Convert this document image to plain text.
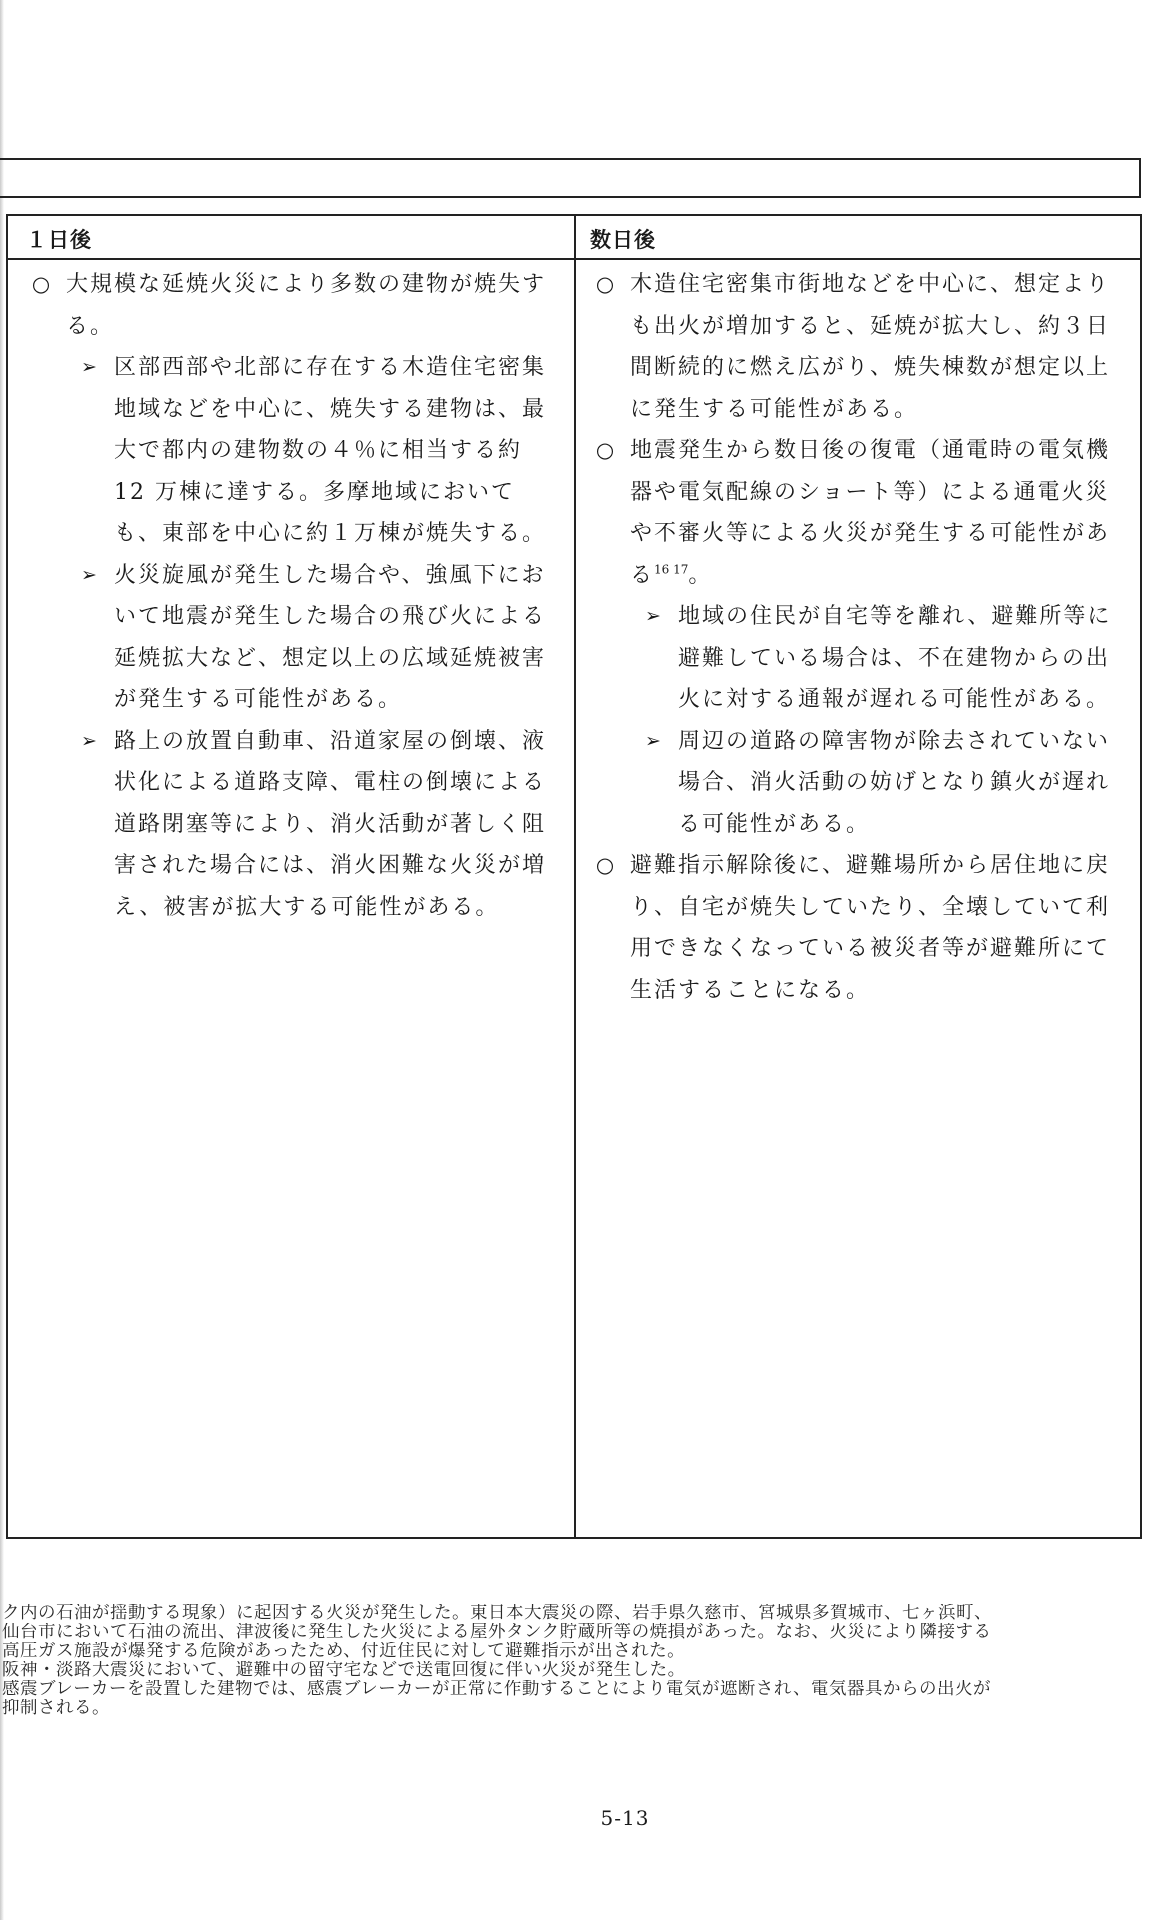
１日後	数日後
○ 大規模な延焼火災により多数の建物が焼失する。
➢ 区部西部や北部に存在する木造住宅密集地域などを中心に、焼失する建物は、最大で都内の建物数の４％に相当する約 12 万棟に達する。多摩地域においても、東部を中心に約１万棟が焼失する。
➢ 火災旋風が発生した場合や、強風下において地震が発生した場合の飛び火による延焼拡大など、想定以上の広域延焼被害が発生する可能性がある。
➢ 路上の放置自動車、沿道家屋の倒壊、液状化による道路支障、電柱の倒壊による道路閉塞等により、消火活動が著しく阻害された場合には、消火困難な火災が増え、被害が拡大する可能性がある。
○ 木造住宅密集市街地などを中心に、想定よりも出火が増加すると、延焼が拡大し、約３日間断続的に燃え広がり、焼失棟数が想定以上に発生する可能性がある。
○ 地震発生から数日後の復電（通電時の電気機器や電気配線のショート等）による通電火災や不審火等による火災が発生する可能性がある$^{16 17}$。
➢ 地域の住民が自宅等を離れ、避難所等に避難している場合は、不在建物からの出火に対する通報が遅れる可能性がある。
➢ 周辺の道路の障害物が除去されていない場合、消火活動の妨げとなり鎮火が遅れる可能性がある。
○ 避難指示解除後に、避難場所から居住地に戻り、自宅が焼失していたり、全壊していて利用できなくなっている被災者等が避難所にて生活することになる。
ク内の石油が揺動する現象）に起因する火災が発生した。東日本大震災の際、岩手県久慈市、宮城県多賀城市、七ヶ浜町、
仙台市において石油の流出、津波後に発生した火災による屋外タンク貯蔵所等の焼損があった。なお、火災により隣接する
高圧ガス施設が爆発する危険があったため、付近住民に対して避難指示が出された。
阪神・淡路大震災において、避難中の留守宅などで送電回復に伴い火災が発生した。
感震ブレーカーを設置した建物では、感震ブレーカーが正常に作動することにより電気が遮断され、電気器具からの出火が
抑制される。
5-13
